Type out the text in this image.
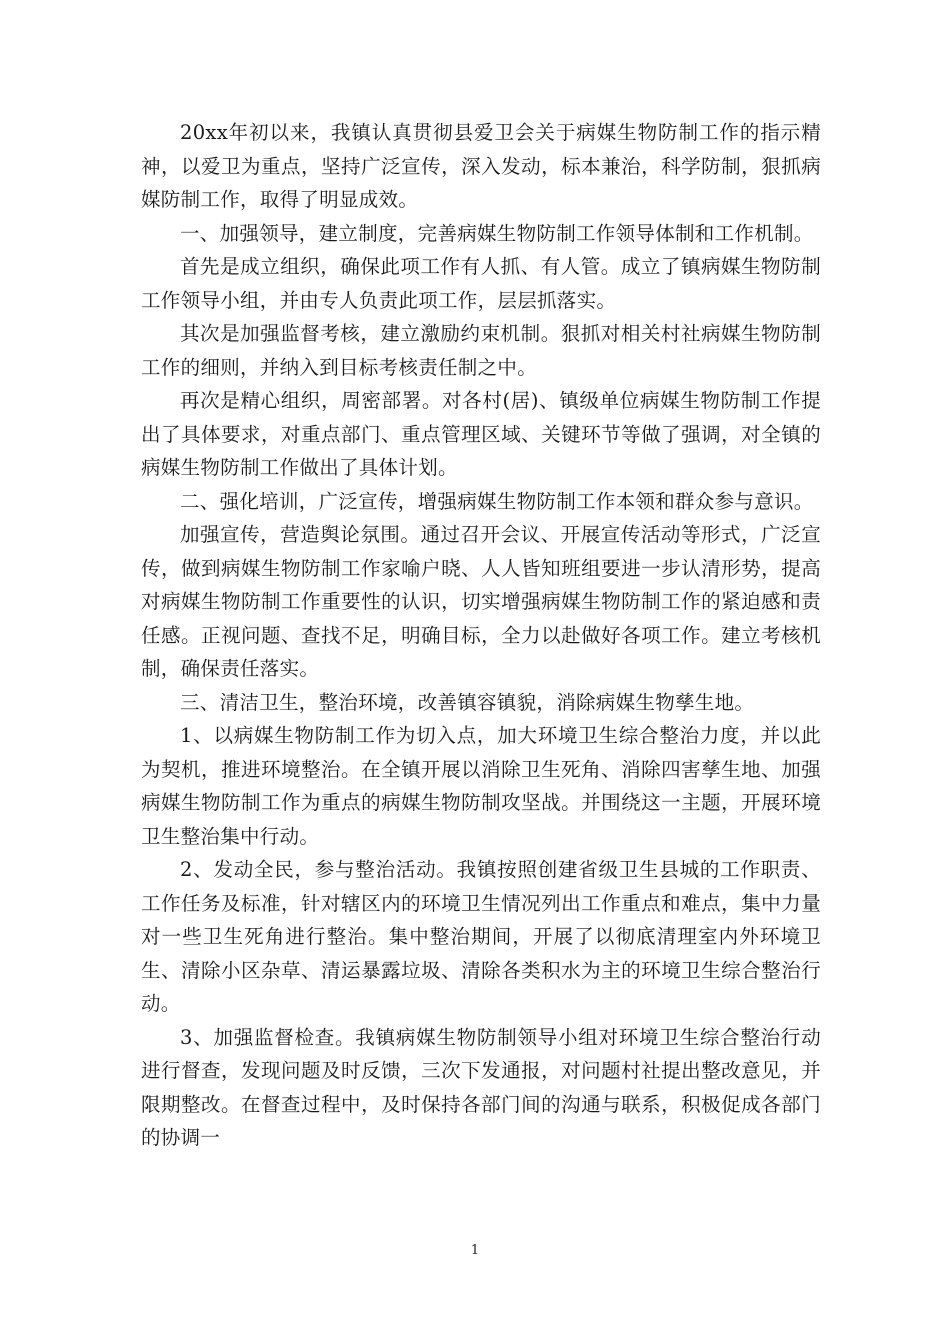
20xx年初以来，我镇认真贯彻县爱卫会关于病媒生物防制工作的指示精神，以爱卫为重点，坚持广泛宣传，深入发动，标本兼治，科学防制，狠抓病媒防制工作，取得了明显成效。

一、加强领导，建立制度，完善病媒生物防制工作领导体制和工作机制。

首先是成立组织，确保此项工作有人抓、有人管。成立了镇病媒生物防制工作领导小组，并由专人负责此项工作，层层抓落实。

其次是加强监督考核，建立激励约束机制。狠抓对相关村社病媒生物防制工作的细则，并纳入到目标考核责任制之中。

再次是精心组织，周密部署。对各村(居)、镇级单位病媒生物防制工作提出了具体要求，对重点部门、重点管理区域、关键环节等做了强调，对全镇的病媒生物防制工作做出了具体计划。

二、强化培训，广泛宣传，增强病媒生物防制工作本领和群众参与意识。

加强宣传，营造舆论氛围。通过召开会议、开展宣传活动等形式，广泛宣传，做到病媒生物防制工作家喻户晓、人人皆知班组要进一步认清形势，提高对病媒生物防制工作重要性的认识，切实增强病媒生物防制工作的紧迫感和责任感。正视问题、查找不足，明确目标，全力以赴做好各项工作。建立考核机制，确保责任落实。

三、清洁卫生，整治环境，改善镇容镇貌，消除病媒生物孳生地。

1、以病媒生物防制工作为切入点，加大环境卫生综合整治力度，并以此为契机，推进环境整治。在全镇开展以消除卫生死角、消除四害孳生地、加强病媒生物防制工作为重点的病媒生物防制攻坚战。并围绕这一主题，开展环境卫生整治集中行动。

2、发动全民，参与整治活动。我镇按照创建省级卫生县城的工作职责、工作任务及标准，针对辖区内的环境卫生情况列出工作重点和难点，集中力量对一些卫生死角进行整治。集中整治期间，开展了以彻底清理室内外环境卫生、清除小区杂草、清运暴露垃圾、清除各类积水为主的环境卫生综合整治行动。

3、加强监督检查。我镇病媒生物防制领导小组对环境卫生综合整治行动进行督查，发现问题及时反馈，三次下发通报，对问题村社提出整改意见，并限期整改。在督查过程中，及时保持各部门间的沟通与联系，积极促成各部门的协调一

1
